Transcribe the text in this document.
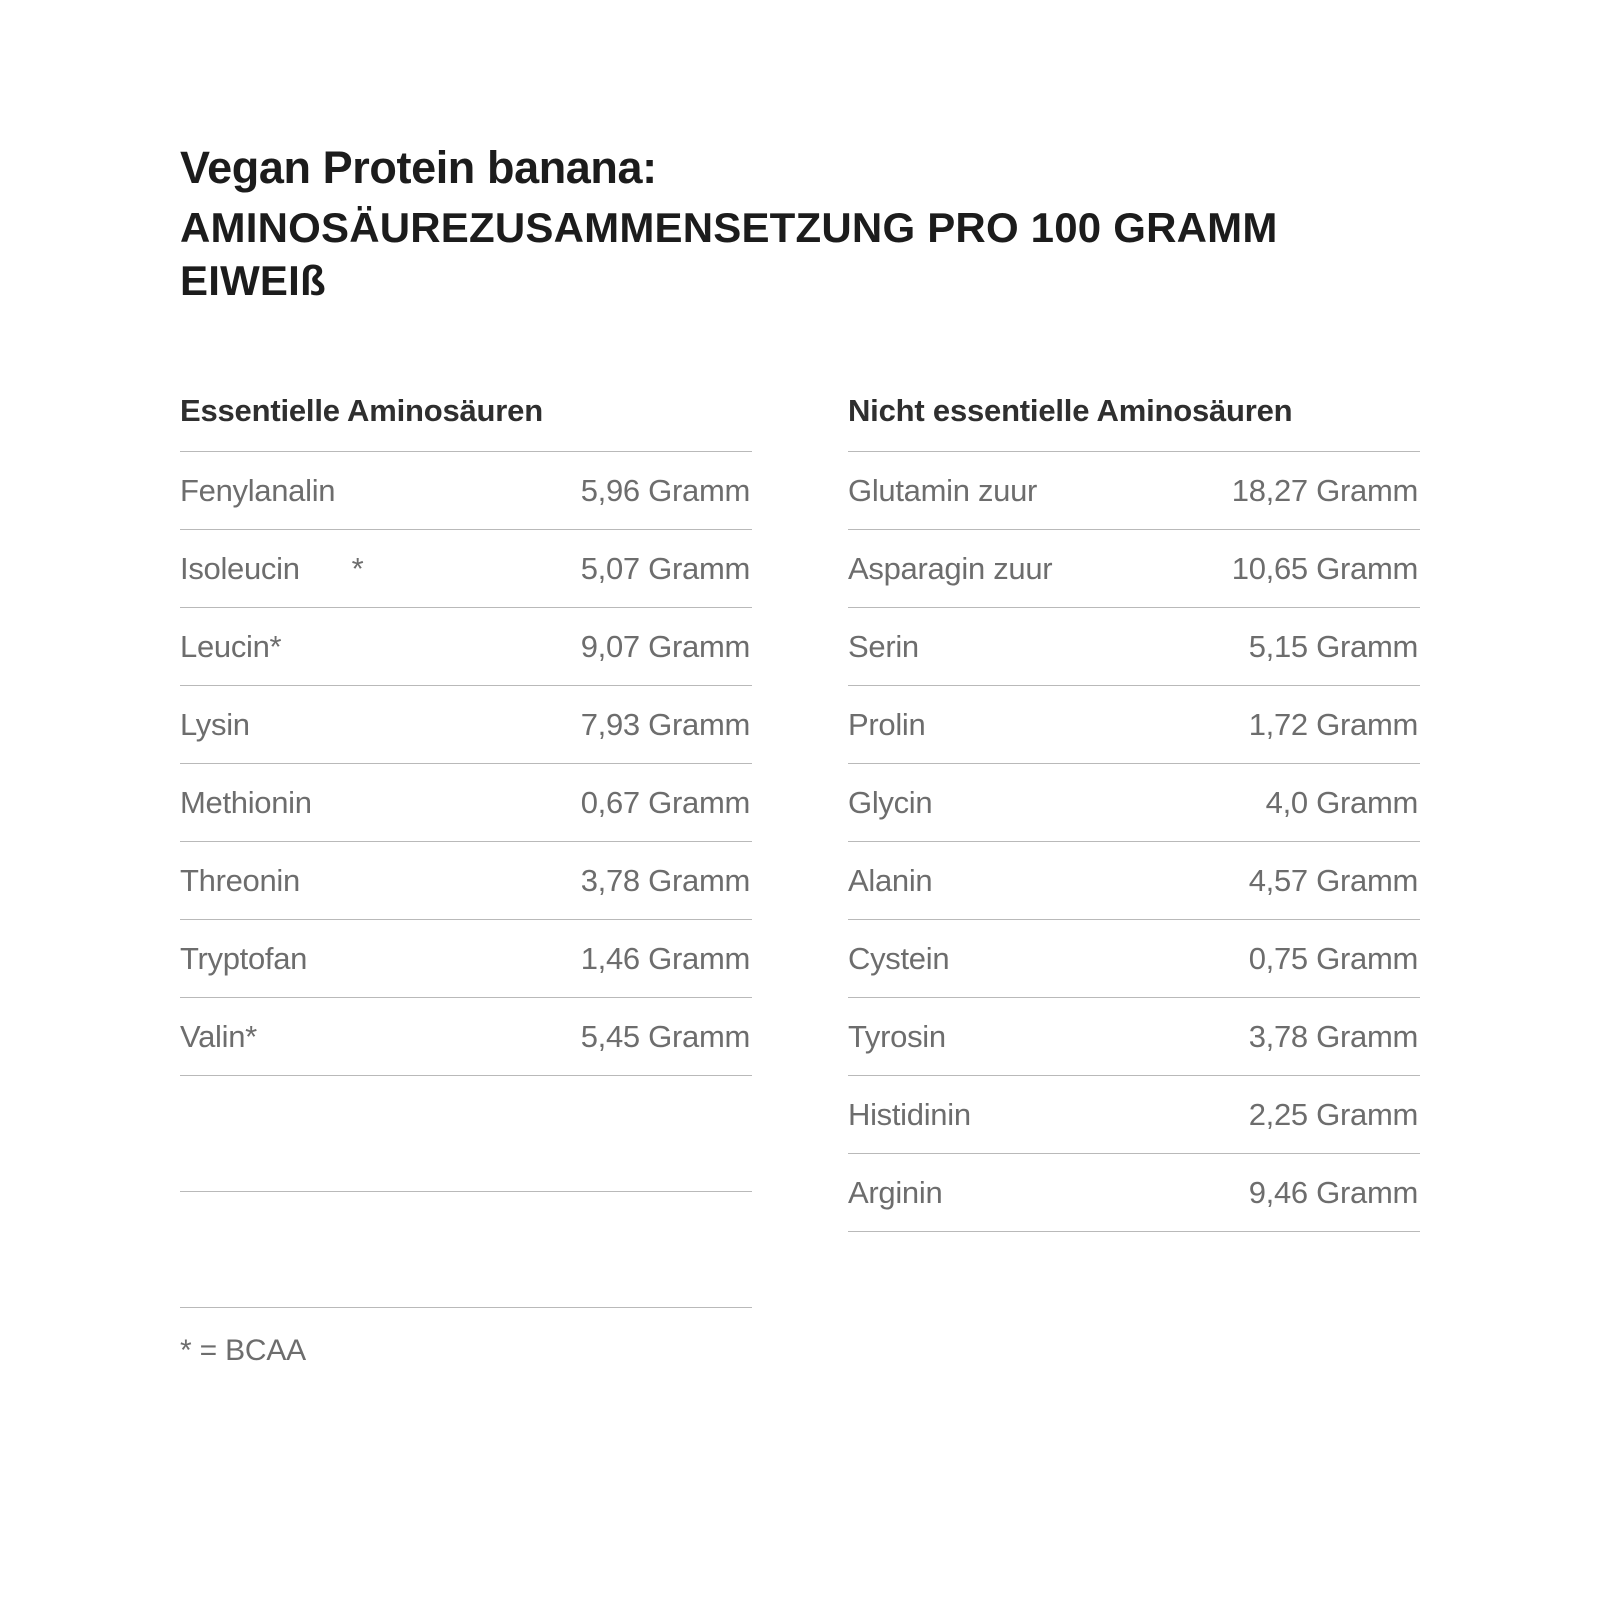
Vegan Protein banana:
AMINOSÄUREZUSAMMENSETZUNG PRO 100 GRAMM EIWEIß
Essentielle Aminosäuren
Fenylanalin	5,96 Gramm
Isoleucin *	5,07 Gramm
Leucin*	9,07 Gramm
Lysin	7,93 Gramm
Methionin	0,67 Gramm
Threonin	3,78 Gramm
Tryptofan	1,46 Gramm
Valin*	5,45 Gramm

Nicht essentielle Aminosäuren
Glutamin zuur	18,27 Gramm
Asparagin zuur	10,65 Gramm
Serin	5,15 Gramm
Prolin	1,72 Gramm
Glycin	4,0 Gramm
Alanin	4,57 Gramm
Cystein	0,75 Gramm
Tyrosin	3,78 Gramm
Histidinin	2,25 Gramm
Arginin	9,46 Gramm
* = BCAA
